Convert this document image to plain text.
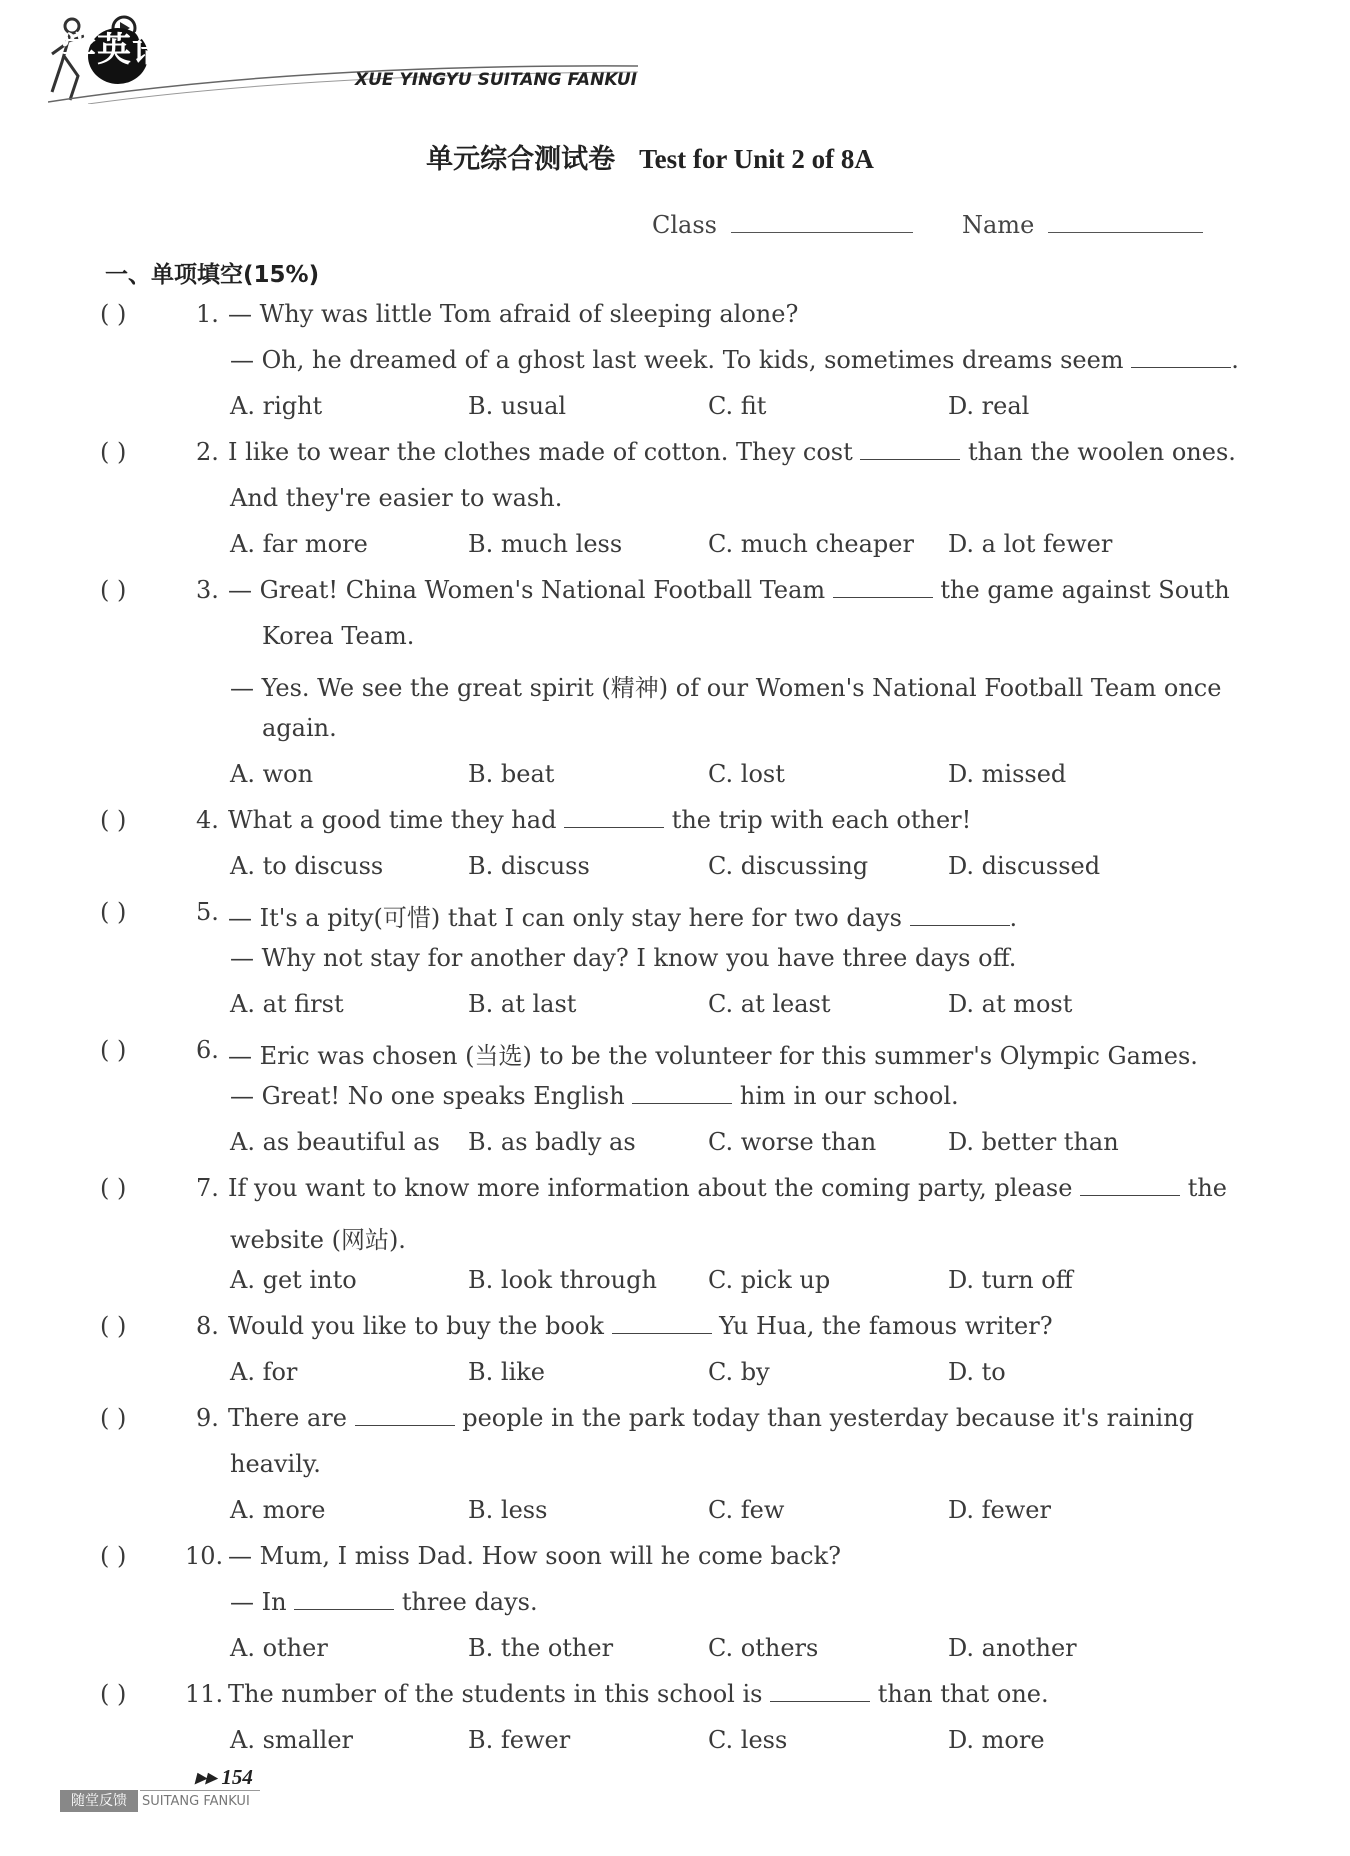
学英语随堂反馈
XUE YINGYU SUITANG FANKUI
单元综合测试卷 Test for Unit 2 of 8A
Class	Name
一、单项填空(15%)
( )	1. — Why was little Tom afraid of sleeping alone?
— Oh, he dreamed of a ghost last week. To kids, sometimes dreams seem	.
A. right	B. usual	C. fit	D. real
( )	2. I like to wear the clothes made of cotton. They cost	than the woolen ones.
And they're easier to wash.
A. far more	B. much less	C. much cheaper D. a lot fewer
( )	3. — Great! China Women's National Football Team	the game against South
Korea Team.
— Yes. We see the great spirit (精神) of our Women's National Football Team once
again.
A. won	B. beat	C. lost	D. missed
( )	4. What a good time they had	the trip with each other!
A. to discuss	B. discuss	C. discussing	D. discussed
( )	5. — It's a pity(可惜) that I can only stay here for two days	.
— Why not stay for another day? I know you have three days off.
A. at first	B. at last	C. at least	D. at most
( )	6. — Eric was chosen (当选) to be the volunteer for this summer's Olympic Games.
— Great! No one speaks English	him in our school.
A. as beautiful as B. as badly as	C. worse than	D. better than
( )	7. If you want to know more information about the coming party, please	the
website (网站).
A. get into	B. look through C. pick up	D. turn off
( )	8. Would you like to buy the book	Yu Hua, the famous writer?
A. for	B. like	C. by	D. to
( )	9. There are	people in the park today than yesterday because it's raining
heavily.
A. more	B. less	C. few	D. fewer
( ) 10. — Mum, I miss Dad. How soon will he come back?
— In	three days.
A. other	B. the other	C. others	D. another
( ) 11. The number of the students in this school is	than that one.
A. smaller	B. fewer	C. less	D. more
▸▸ 154
随堂反馈	SUITANG FANKUI
